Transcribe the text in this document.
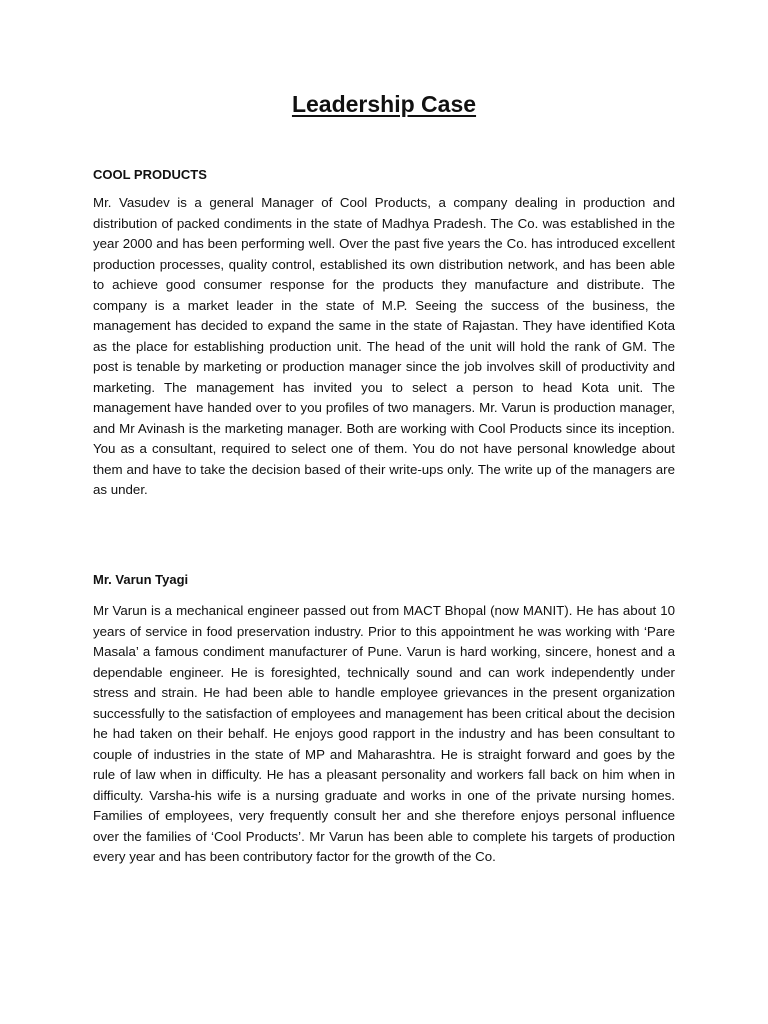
Leadership Case
COOL PRODUCTS

Mr. Vasudev is a general Manager of Cool Products, a company dealing in production and distribution of packed condiments in the state of Madhya Pradesh. The Co. was established in the year 2000 and has been performing well. Over the past five years the Co. has introduced excellent production processes, quality control, established its own distribution network, and has been able to achieve good consumer response for the products they manufacture and distribute. The company is a market leader in the state of M.P. Seeing the success of the business, the management has decided to expand the same in the state of Rajastan. They have identified Kota as the place for establishing production unit. The head of the unit will hold the rank of GM. The post is tenable by marketing or production manager since the job involves skill of productivity and marketing. The management has invited you to select a person to head Kota unit. The management have handed over to you profiles of two managers. Mr. Varun is production manager, and Mr Avinash is the marketing manager. Both are working with Cool Products since its inception. You as a consultant, required to select one of them. You do not have personal knowledge about them and have to take the decision based of their write-ups only. The write up of the managers are as under.

Mr. Varun Tyagi

Mr Varun is a mechanical engineer passed out from MACT Bhopal (now MANIT). He has about 10 years of service in food preservation industry. Prior to this appointment he was working with ‘Pare Masala’ a famous condiment manufacturer of Pune. Varun is hard working, sincere, honest and a dependable engineer. He is foresighted, technically sound and can work independently under stress and strain. He had been able to handle employee grievances in the present organization successfully to the satisfaction of employees and management has been critical about the decision he had taken on their behalf. He enjoys good rapport in the industry and has been consultant to couple of industries in the state of MP and Maharashtra. He is straight forward and goes by the rule of law when in difficulty. He has a pleasant personality and workers fall back on him when in difficulty. Varsha-his wife is a nursing graduate and works in one of the private nursing homes. Families of employees, very frequently consult her and she therefore enjoys personal influence over the families of ‘Cool Products’. Mr Varun has been able to complete his targets of production every year and has been contributory factor for the growth of the Co.
